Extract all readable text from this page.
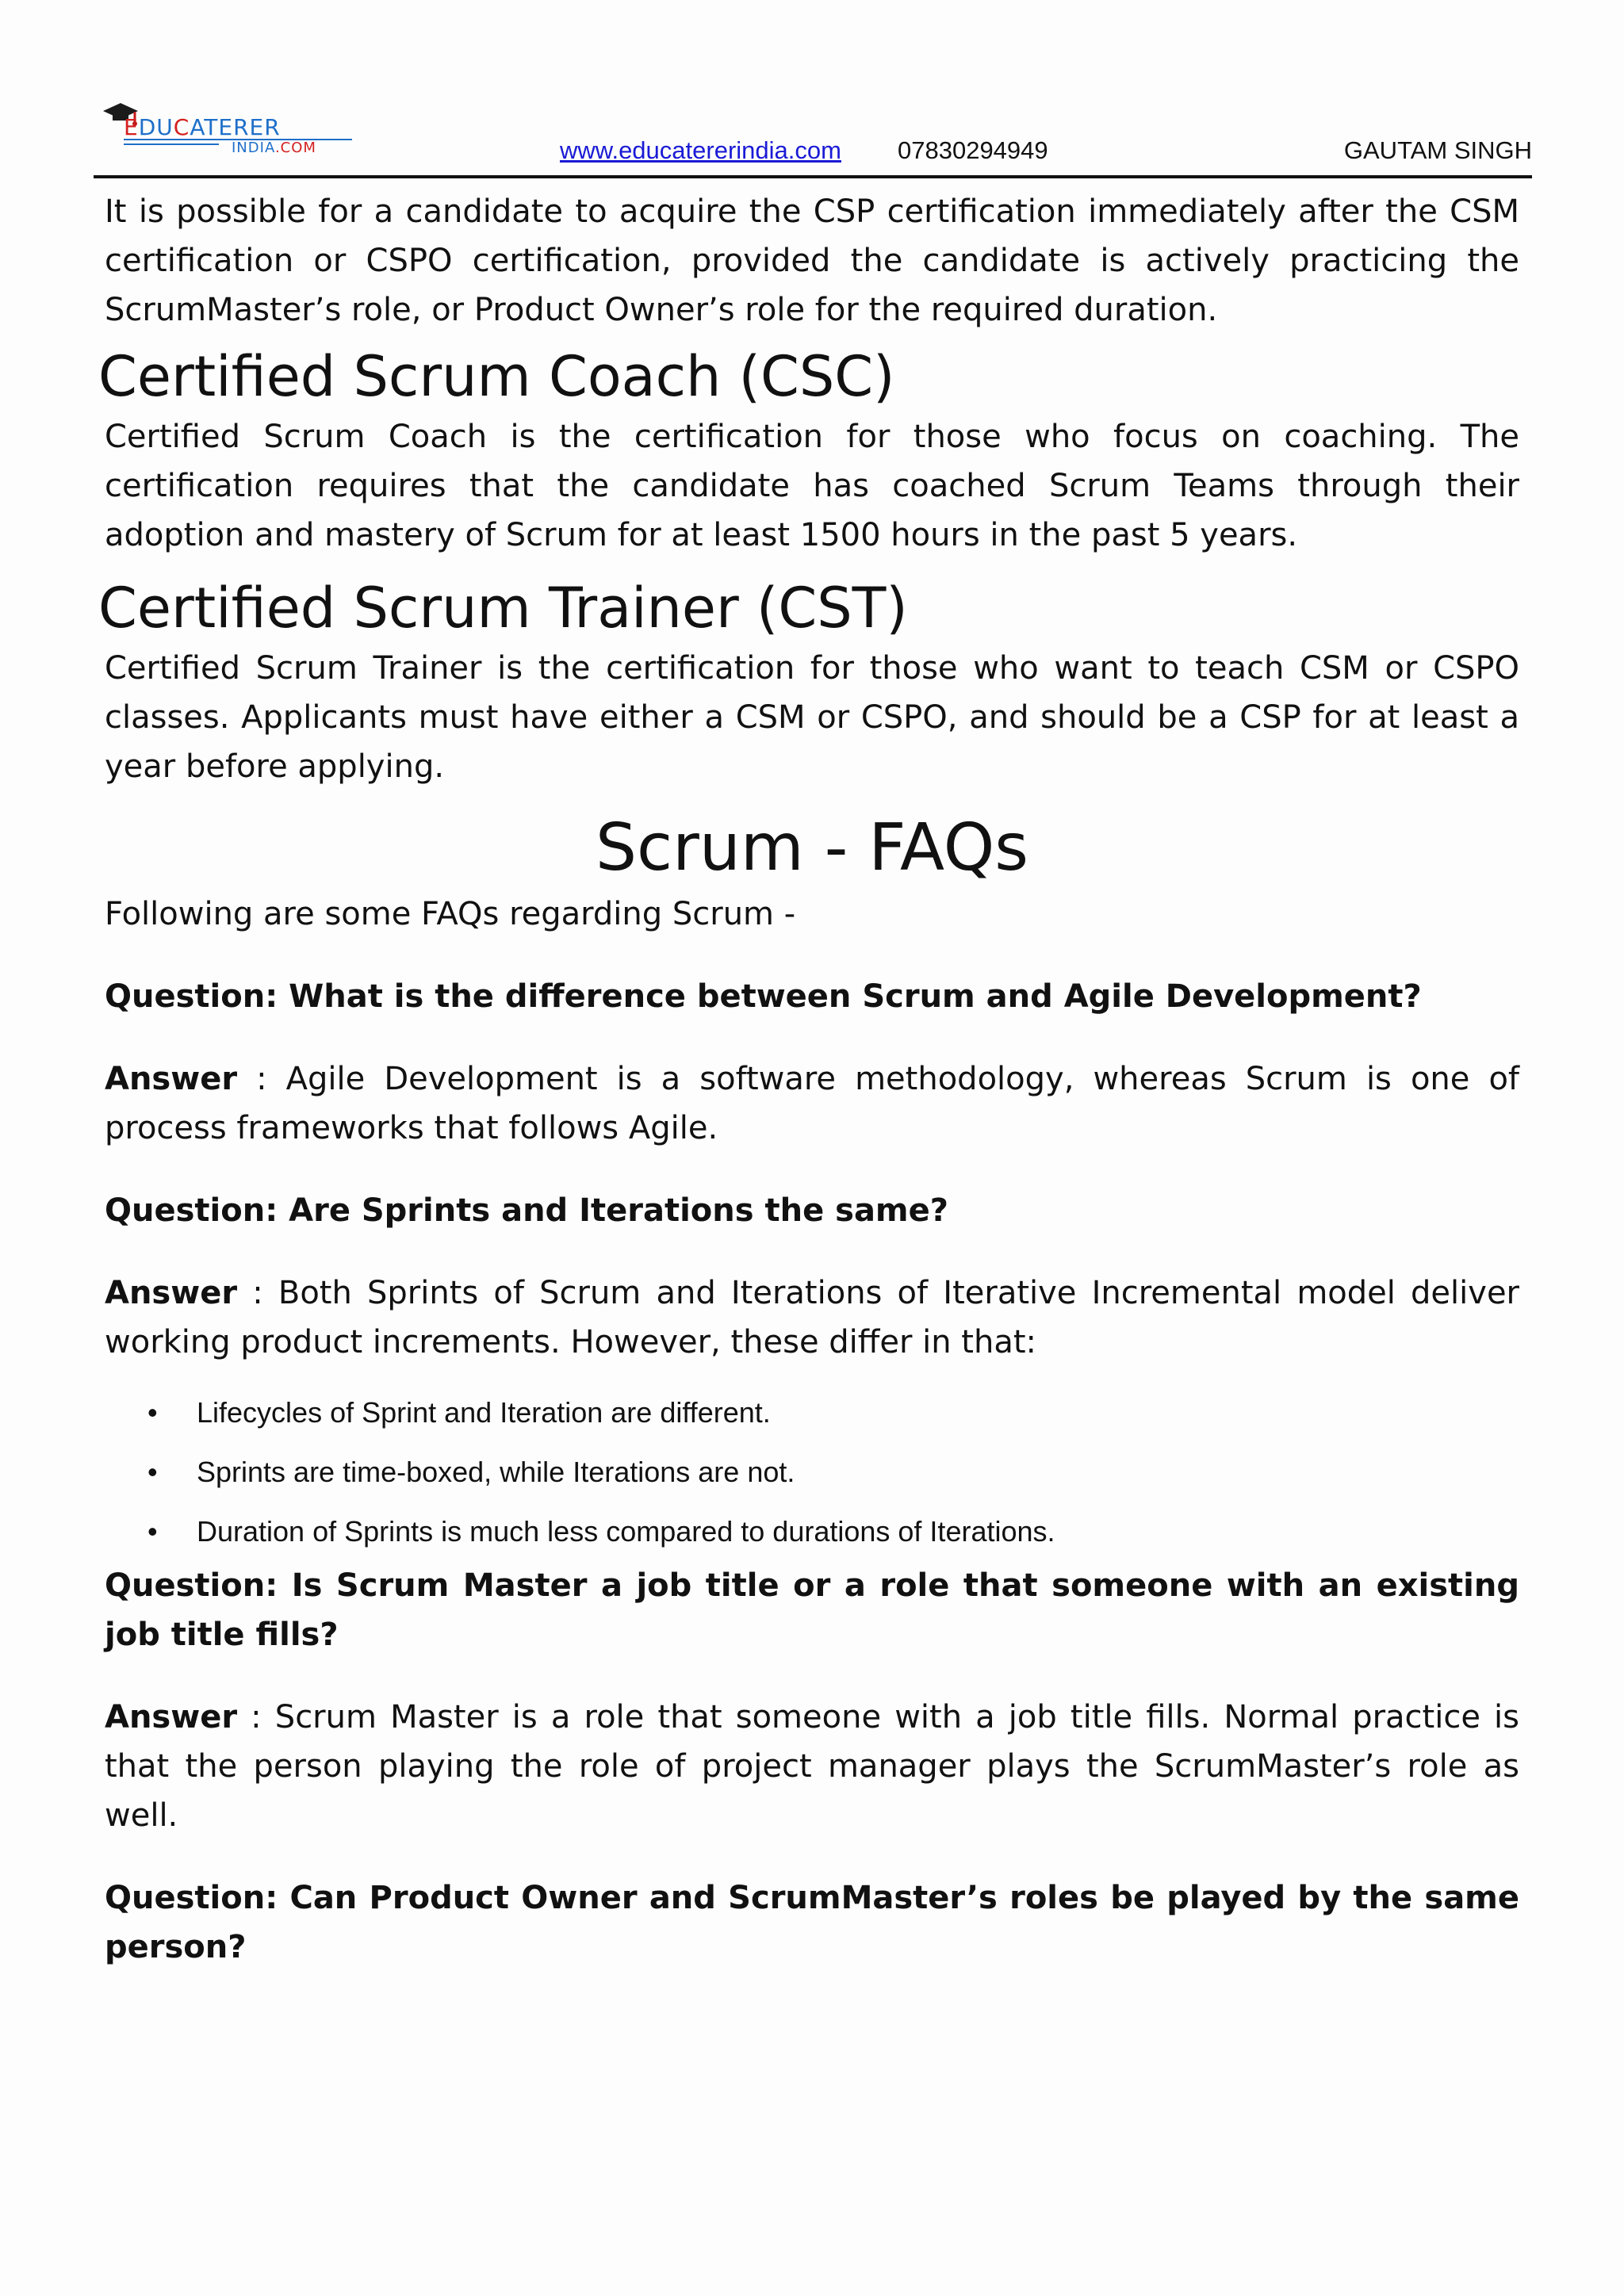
EDUCATERER
INDIA.COM	www.educatererindia.com 07830294949	GAUTAM SINGH

It is possible for a candidate to acquire the CSP certification immediately after the CSM certification or CSPO certification, provided the candidate is actively practicing the ScrumMaster’s role, or Product Owner’s role for the required duration.

Certified Scrum Coach (CSC)

Certified Scrum Coach is the certification for those who focus on coaching. The certification requires that the candidate has coached Scrum Teams through their adoption and mastery of Scrum for at least 1500 hours in the past 5 years.

Certified Scrum Trainer (CST)

Certified Scrum Trainer is the certification for those who want to teach CSM or CSPO classes. Applicants must have either a CSM or CSPO, and should be a CSP for at least a year before applying.

Scrum - FAQs

Following are some FAQs regarding Scrum -

Question: What is the difference between Scrum and Agile Development?

Answer : Agile Development is a software methodology, whereas Scrum is one of process frameworks that follows Agile.

Question: Are Sprints and Iterations the same?

Answer : Both Sprints of Scrum and Iterations of Iterative Incremental model deliver working product increments. However, these differ in that:

• Lifecycles of Sprint and Iteration are different.
• Sprints are time-boxed, while Iterations are not.
• Duration of Sprints is much less compared to durations of Iterations.

Question: Is Scrum Master a job title or a role that someone with an existing job title fills?

Answer : Scrum Master is a role that someone with a job title fills. Normal practice is that the person playing the role of project manager plays the ScrumMaster’s role as well.

Question: Can Product Owner and ScrumMaster’s roles be played by the same person?
